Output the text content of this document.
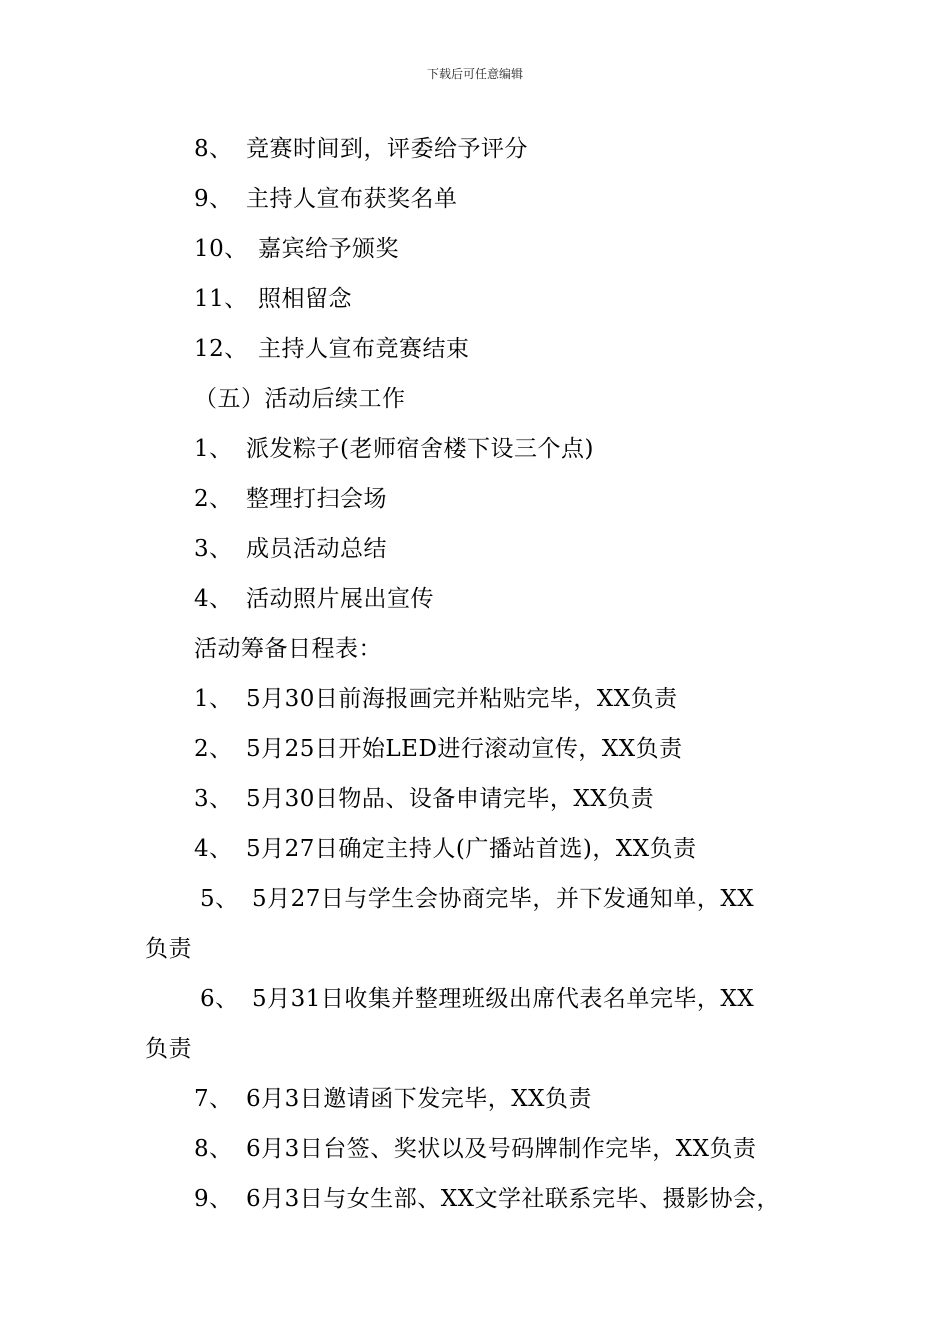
下载后可任意编辑
8、 竞赛时间到，评委给予评分
9、 主持人宣布获奖名单
10、 嘉宾给予颁奖
11、 照相留念
12、 主持人宣布竞赛结束
（五）活动后续工作
1、 派发粽子(老师宿舍楼下设三个点)
2、 整理打扫会场
3、 成员活动总结
4、 活动照片展出宣传
活动筹备日程表：
1、 5月30日前海报画完并粘贴完毕，XX负责
2、 5月25日开始LED进行滚动宣传，XX负责
3、 5月30日物品、设备申请完毕，XX负责
4、 5月27日确定主持人(广播站首选)，XX负责
5、 5月27日与学生会协商完毕，并下发通知单，XX
负责
6、 5月31日收集并整理班级出席代表名单完毕，XX
负责
7、 6月3日邀请函下发完毕，XX负责
8、 6月3日台签、奖状以及号码牌制作完毕，XX负责
9、 6月3日与女生部、XX文学社联系完毕、摄影协会，
